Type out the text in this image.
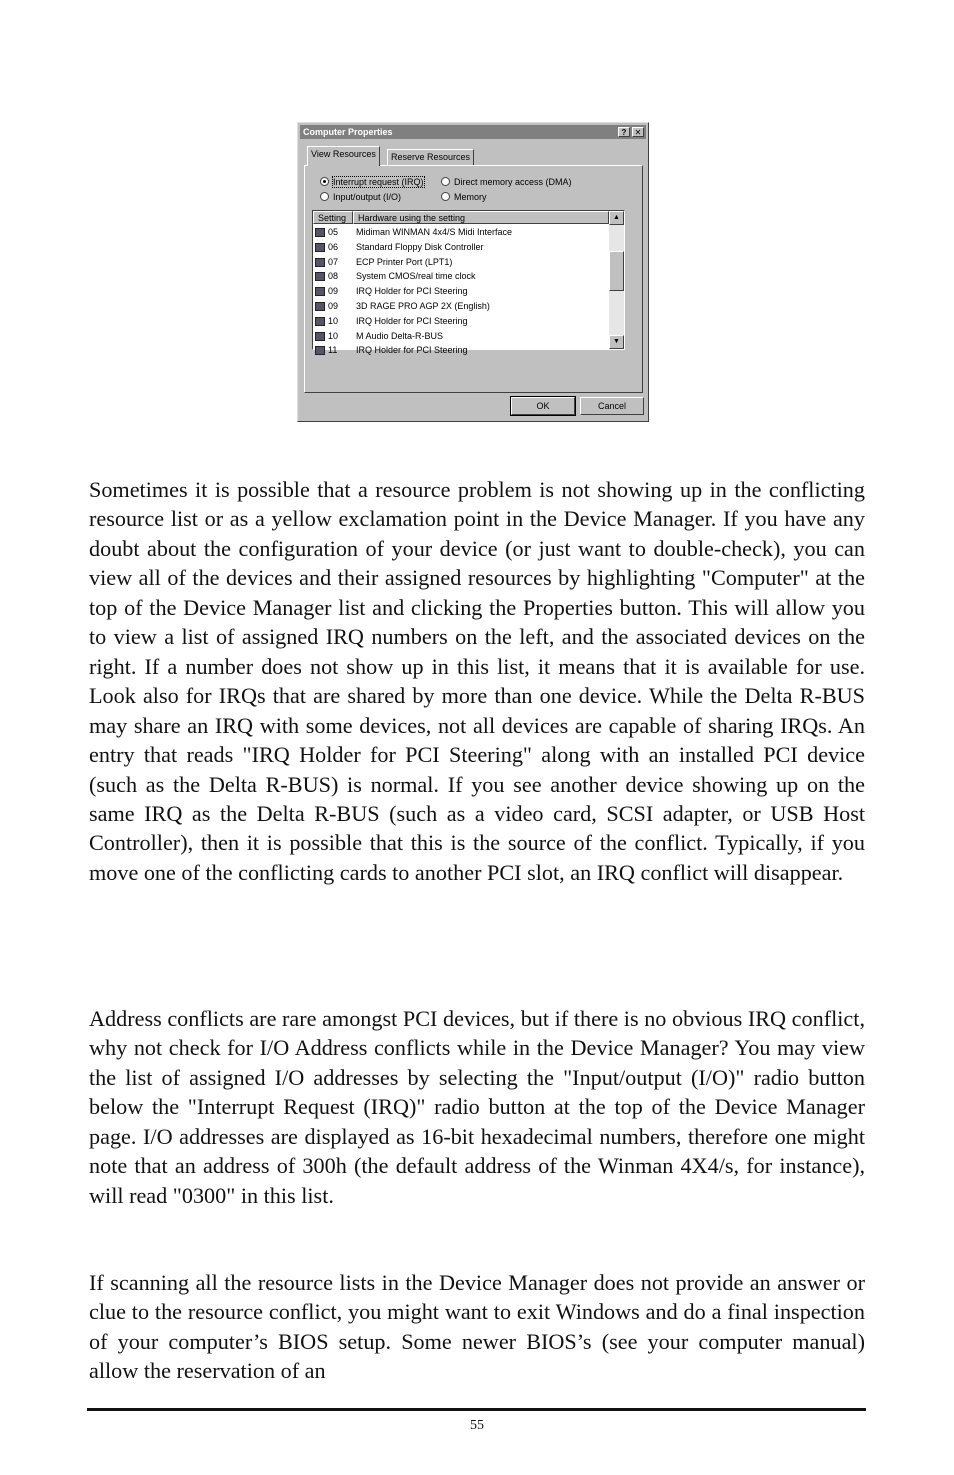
Computer Properties	?	✕
View Resources	Reserve Resources
Interrupt request (IRQ)
Input/output (I/O)
Direct memory access (DMA)
Memory
Setting	Hardware using the setting
05 Midiman WINMAN 4x4/S Midi Interface
06 Standard Floppy Disk Controller
07 ECP Printer Port (LPT1)
08 System CMOS/real time clock
09 IRQ Holder for PCI Steering
09 3D RAGE PRO AGP 2X (English)
10 IRQ Holder for PCI Steering
10 M Audio Delta-R-BUS
11 IRQ Holder for PCI Steering
▲
▼
OK	Cancel

Sometimes it is possible that a resource problem is not showing up in the conflicting resource list or as a yellow exclamation point in the Device Manager. If you have any doubt about the configuration of your device (or just want to double-check), you can view all of the devices and their assigned resources by highlighting "Computer" at the top of the Device Manager list and clicking the Properties button. This will allow you to view a list of assigned IRQ numbers on the left, and the associated devices on the right. If a number does not show up in this list, it means that it is available for use. Look also for IRQs that are shared by more than one device. While the Delta R-BUS may share an IRQ with some devices, not all devices are capable of sharing IRQs. An entry that reads "IRQ Holder for PCI Steering" along with an installed PCI device (such as the Delta R-BUS) is normal. If you see another device showing up on the same IRQ as the Delta R-BUS (such as a video card, SCSI adapter, or USB Host Controller), then it is possible that this is the source of the conflict. Typically, if you move one of the conflicting cards to another PCI slot, an IRQ conflict will disappear.

Address conflicts are rare amongst PCI devices, but if there is no obvious IRQ conflict, why not check for I/O Address conflicts while in the Device Manager? You may view the list of assigned I/O addresses by selecting the "Input/output (I/O)" radio button below the "Interrupt Request (IRQ)" radio button at the top of the Device Manager page. I/O addresses are displayed as 16-bit hexadecimal numbers, therefore one might note that an address of 300h (the default address of the Winman 4X4/s, for instance), will read "0300" in this list.

If scanning all the resource lists in the Device Manager does not provide an answer or clue to the resource conflict, you might want to exit Windows and do a final inspection of your computer’s BIOS setup. Some newer BIOS’s (see your computer manual) allow the reservation of an

55
